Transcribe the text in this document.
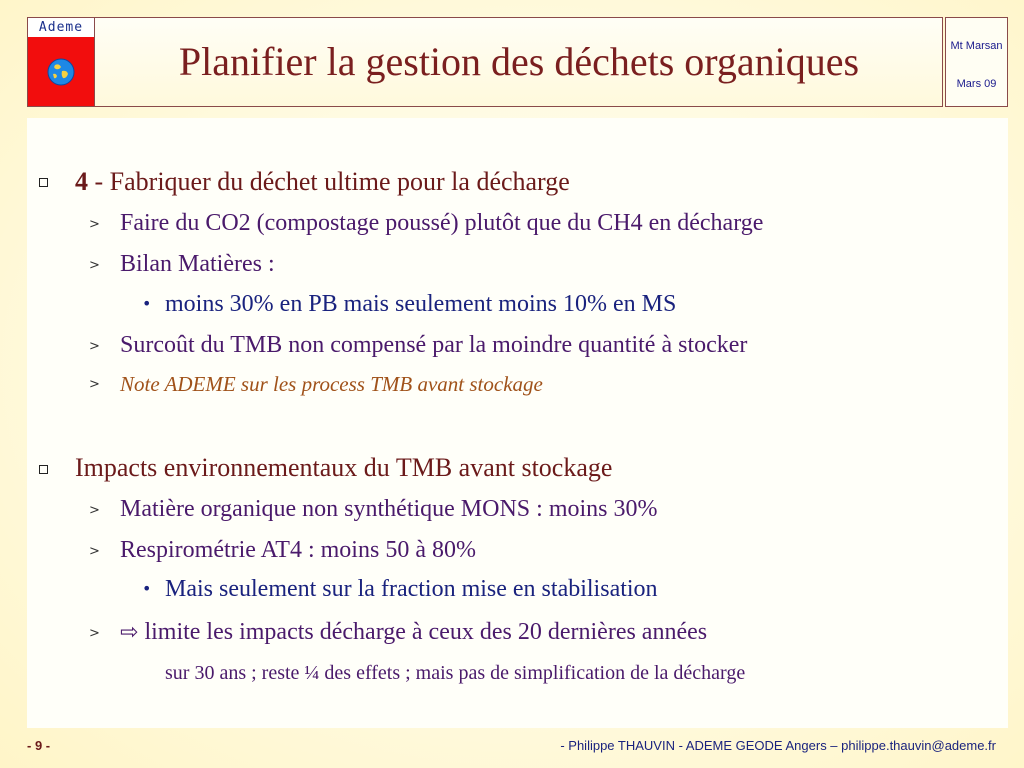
Ademe
Planifier la gestion des déchets organiques	Mt Marsan
Mars 09
4 - Fabriquer du déchet ultime pour la décharge
> Faire du CO2 (compostage poussé) plutôt que du CH4 en décharge
> Bilan Matières :
• moins 30% en PB mais seulement moins 10% en MS
> Surcoût du TMB non compensé par la moindre quantité à stocker
> Note ADEME sur les process TMB avant stockage
Impacts environnementaux du TMB avant stockage
> Matière organique non synthétique MONS : moins 30%
> Respirométrie AT4 : moins 50 à 80%
• Mais seulement sur la fraction mise en stabilisation
> ⇨ limite les impacts décharge à ceux des 20 dernières années
sur 30 ans ; reste ¼ des effets ; mais pas de simplification de la décharge
- 9 -	- Philippe THAUVIN - ADEME GEODE Angers – philippe.thauvin@ademe.fr
